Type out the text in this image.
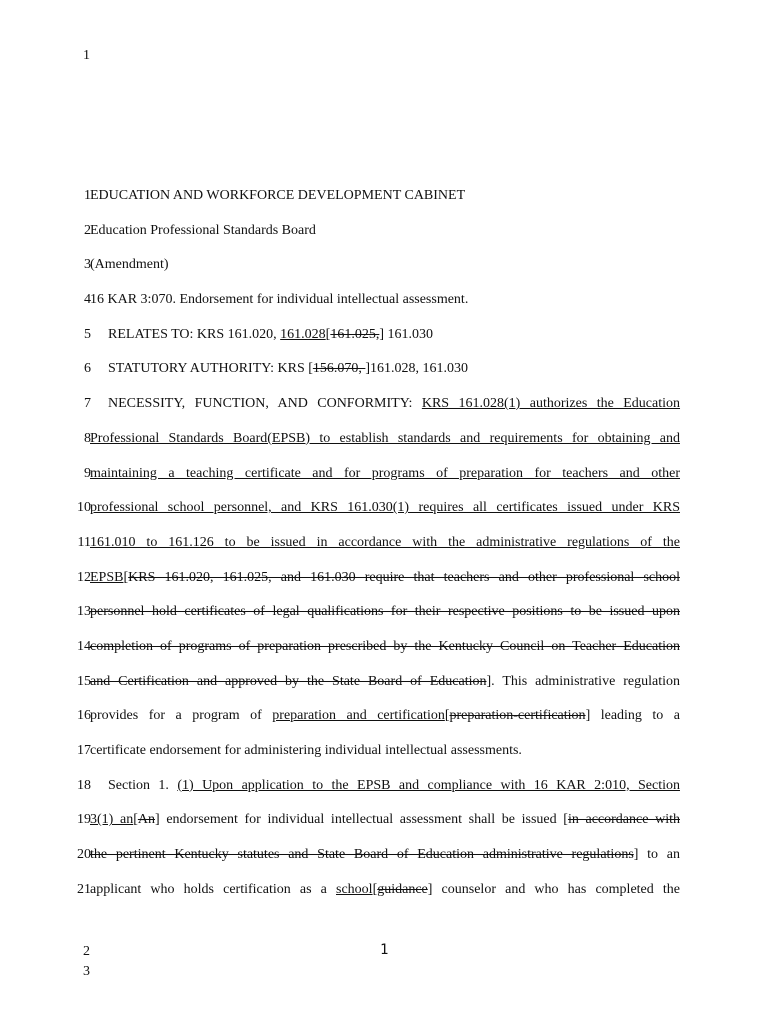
1
1 EDUCATION AND WORKFORCE DEVELOPMENT CABINET
2 Education Professional Standards Board
3 (Amendment)
4 16 KAR 3:070. Endorsement for individual intellectual assessment.
5	RELATES TO: KRS 161.020, 161.028[161.025,] 161.030
6	STATUTORY AUTHORITY: KRS [156.070, ]161.028, 161.030
7	NECESSITY, FUNCTION, AND CONFORMITY: KRS 161.028(1) authorizes the Education
8 Professional Standards Board(EPSB) to establish standards and requirements for obtaining and
9 maintaining a teaching certificate and for programs of preparation for teachers and other
10 professional school personnel, and KRS 161.030(1) requires all certificates issued under KRS
11 161.010 to 161.126 to be issued in accordance with the administrative regulations of the
12 EPSB[KRS 161.020, 161.025, and 161.030 require that teachers and other professional school
13 personnel hold certificates of legal qualifications for their respective positions to be issued upon
14 completion of programs of preparation prescribed by the Kentucky Council on Teacher Education
15 and Certification and approved by the State Board of Education]. This administrative regulation
16 provides for a program of preparation and certification[preparation-certification] leading to a
17 certificate endorsement for administering individual intellectual assessments.
18	Section 1. (1) Upon application to the EPSB and compliance with 16 KAR 2:010, Section
19 3(1) an[An] endorsement for individual intellectual assessment shall be issued [in accordance with
20 the pertinent Kentucky statutes and State Board of Education administrative regulations] to an
21 applicant who holds certification as a school[guidance] counselor and who has completed the
2
3
1
